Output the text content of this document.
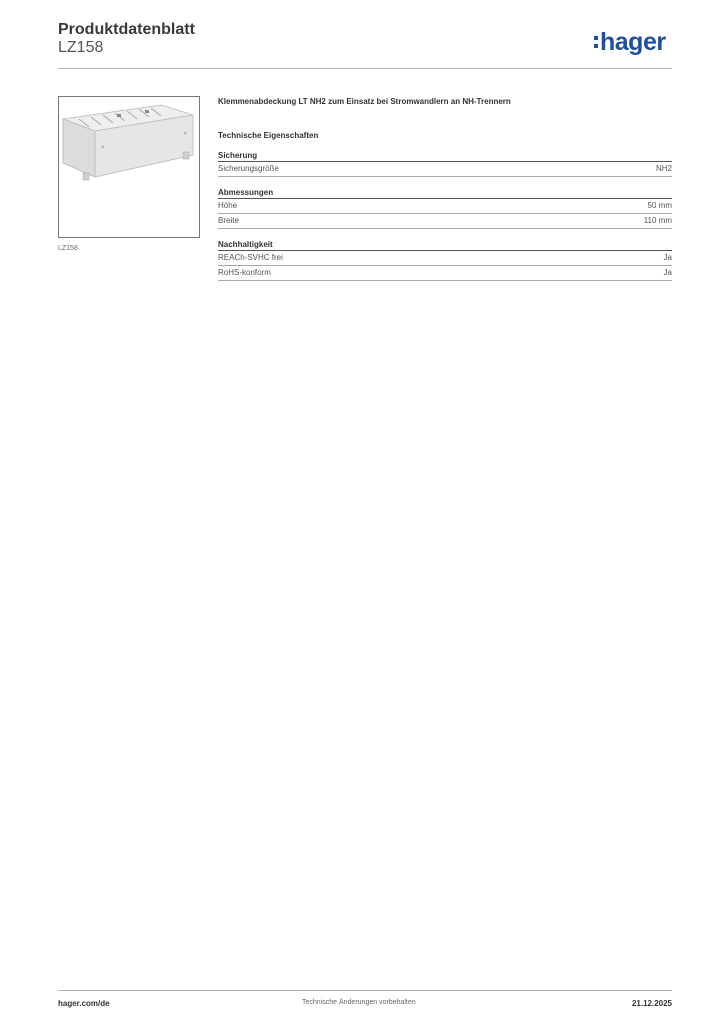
Produktdatenblatt
LZ158	hager
LZ158

Klemmenabdeckung LT NH2 zum Einsatz bei Stromwandlern an NH-Trennern

Technische Eigenschaften
Sicherung
Sicherungsgröße	NH2
Abmessungen
Höhe	50 mm
Breite	110 mm
Nachhaltigkeit
REACh-SVHC frei	Ja
RoHS-konform	Ja
hager.com/de	Technische Änderungen vorbehalten	21.12.2025
